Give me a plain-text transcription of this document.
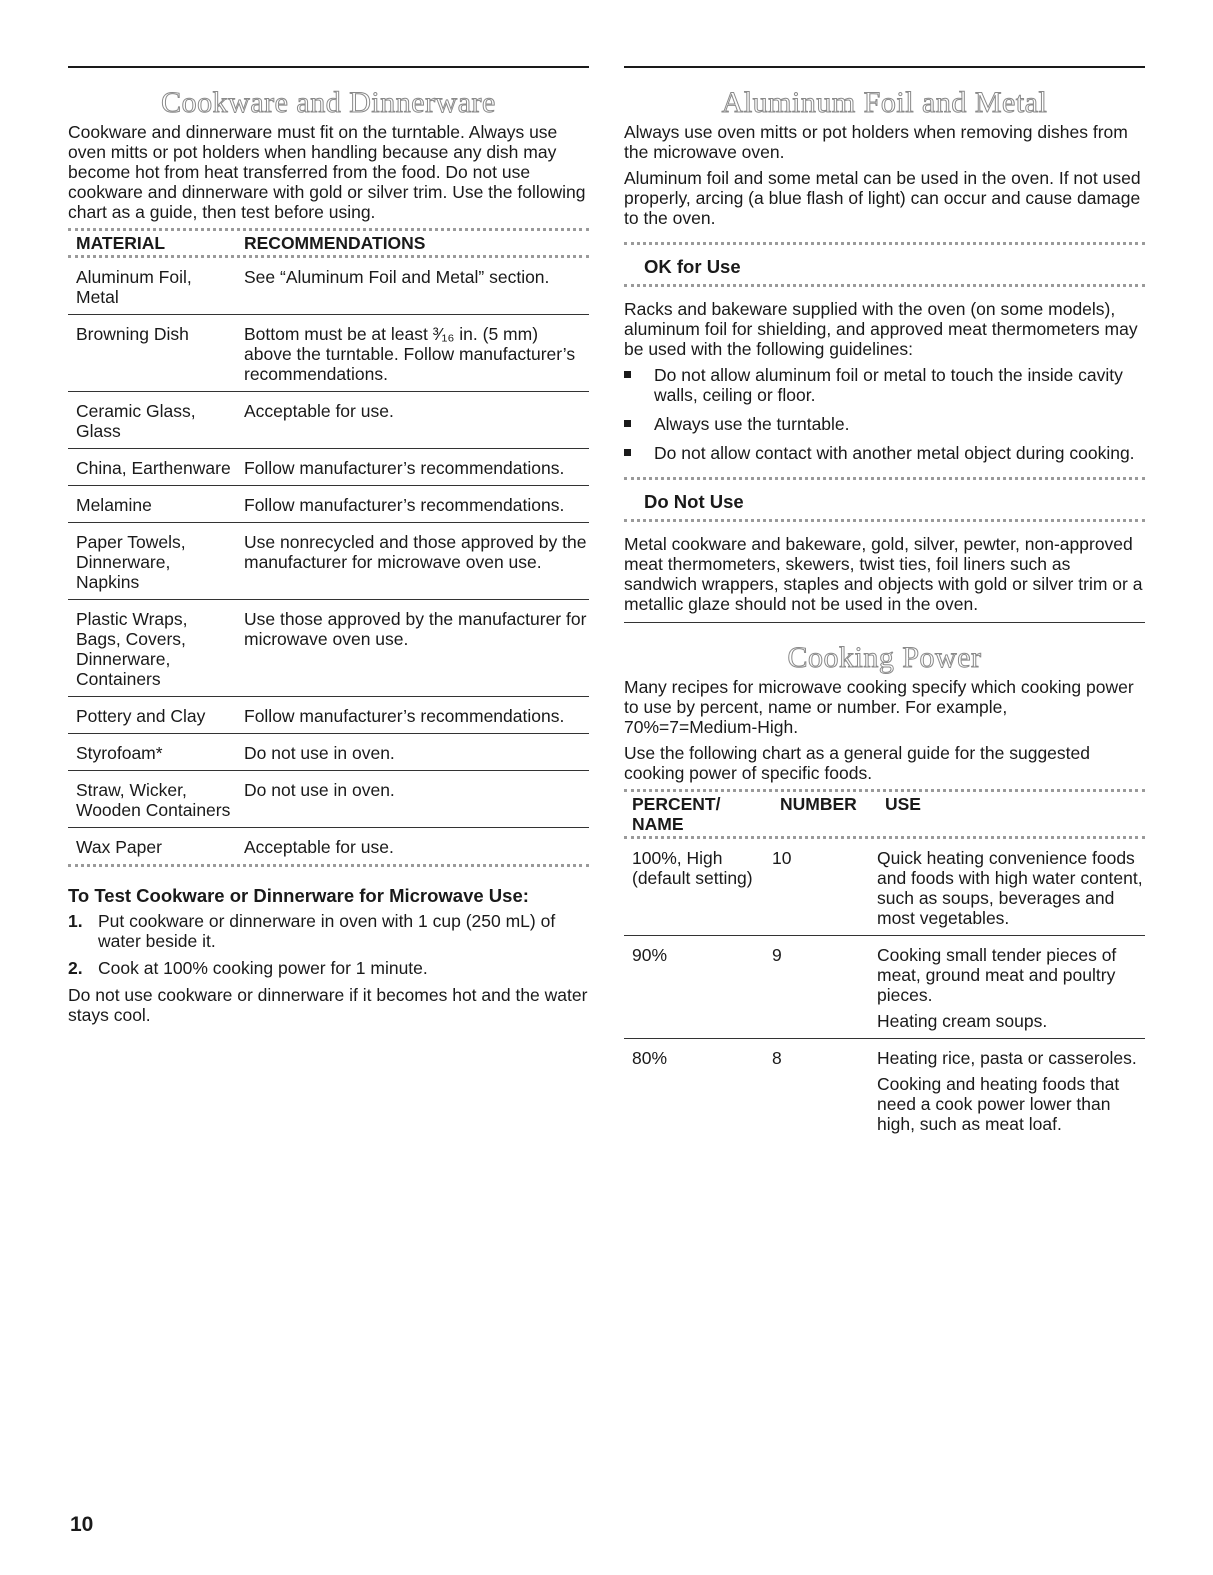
Cookware and Dinnerware

Cookware and dinnerware must fit on the turntable. Always use oven mitts or pot holders when handling because any dish may become hot from heat transferred from the food. Do not use cookware and dinnerware with gold or silver trim. Use the following chart as a guide, then test before using.

MATERIAL	RECOMMENDATIONS
Aluminum Foil, Metal	See “Aluminum Foil and Metal” section.
Browning Dish	Bottom must be at least ³⁄₁₆ in. (5 mm) above the turntable. Follow manufacturer’s recommendations.
Ceramic Glass, Glass	Acceptable for use.
China, Earthenware	Follow manufacturer’s recommendations.
Melamine	Follow manufacturer’s recommendations.
Paper Towels, Dinnerware, Napkins	Use nonrecycled and those approved by the manufacturer for microwave oven use.
Plastic Wraps, Bags, Covers, Dinnerware, Containers	Use those approved by the manufacturer for microwave oven use.
Pottery and Clay	Follow manufacturer’s recommendations.
Styrofoam*	Do not use in oven.
Straw, Wicker, Wooden Containers	Do not use in oven.
Wax Paper	Acceptable for use.
To Test Cookware or Dinnerware for Microwave Use:
1. Put cookware or dinnerware in oven with 1 cup (250 mL) of water beside it.
2. Cook at 100% cooking power for 1 minute.

Do not use cookware or dinnerware if it becomes hot and the water stays cool.

Aluminum Foil and Metal

Always use oven mitts or pot holders when removing dishes from the microwave oven.

Aluminum foil and some metal can be used in the oven. If not used properly, arcing (a blue flash of light) can occur and cause damage to the oven.

OK for Use

Racks and bakeware supplied with the oven (on some models), aluminum foil for shielding, and approved meat thermometers may be used with the following guidelines:

Do not allow aluminum foil or metal to touch the inside cavity walls, ceiling or floor.
Always use the turntable.
Do not allow contact with another metal object during cooking.
Do Not Use

Metal cookware and bakeware, gold, silver, pewter, non-approved meat thermometers, skewers, twist ties, foil liners such as sandwich wrappers, staples and objects with gold or silver trim or a metallic glaze should not be used in the oven.

Cooking Power

Many recipes for microwave cooking specify which cooking power to use by percent, name or number. For example, 70%=7=Medium-High.

Use the following chart as a general guide for the suggested cooking power of specific foods.

PERCENT/ NAME	NUMBER	USE
100%, High (default setting)	10	Quick heating convenience foods and foods with high water content, such as soups, beverages and most vegetables.
90%	9	Cooking small tender pieces of meat, ground meat and poultry pieces.
Heating cream soups.

80%	8	Heating rice, pasta or casseroles.
Cooking and heating foods that need a cook power lower than high, such as meat loaf.
10
